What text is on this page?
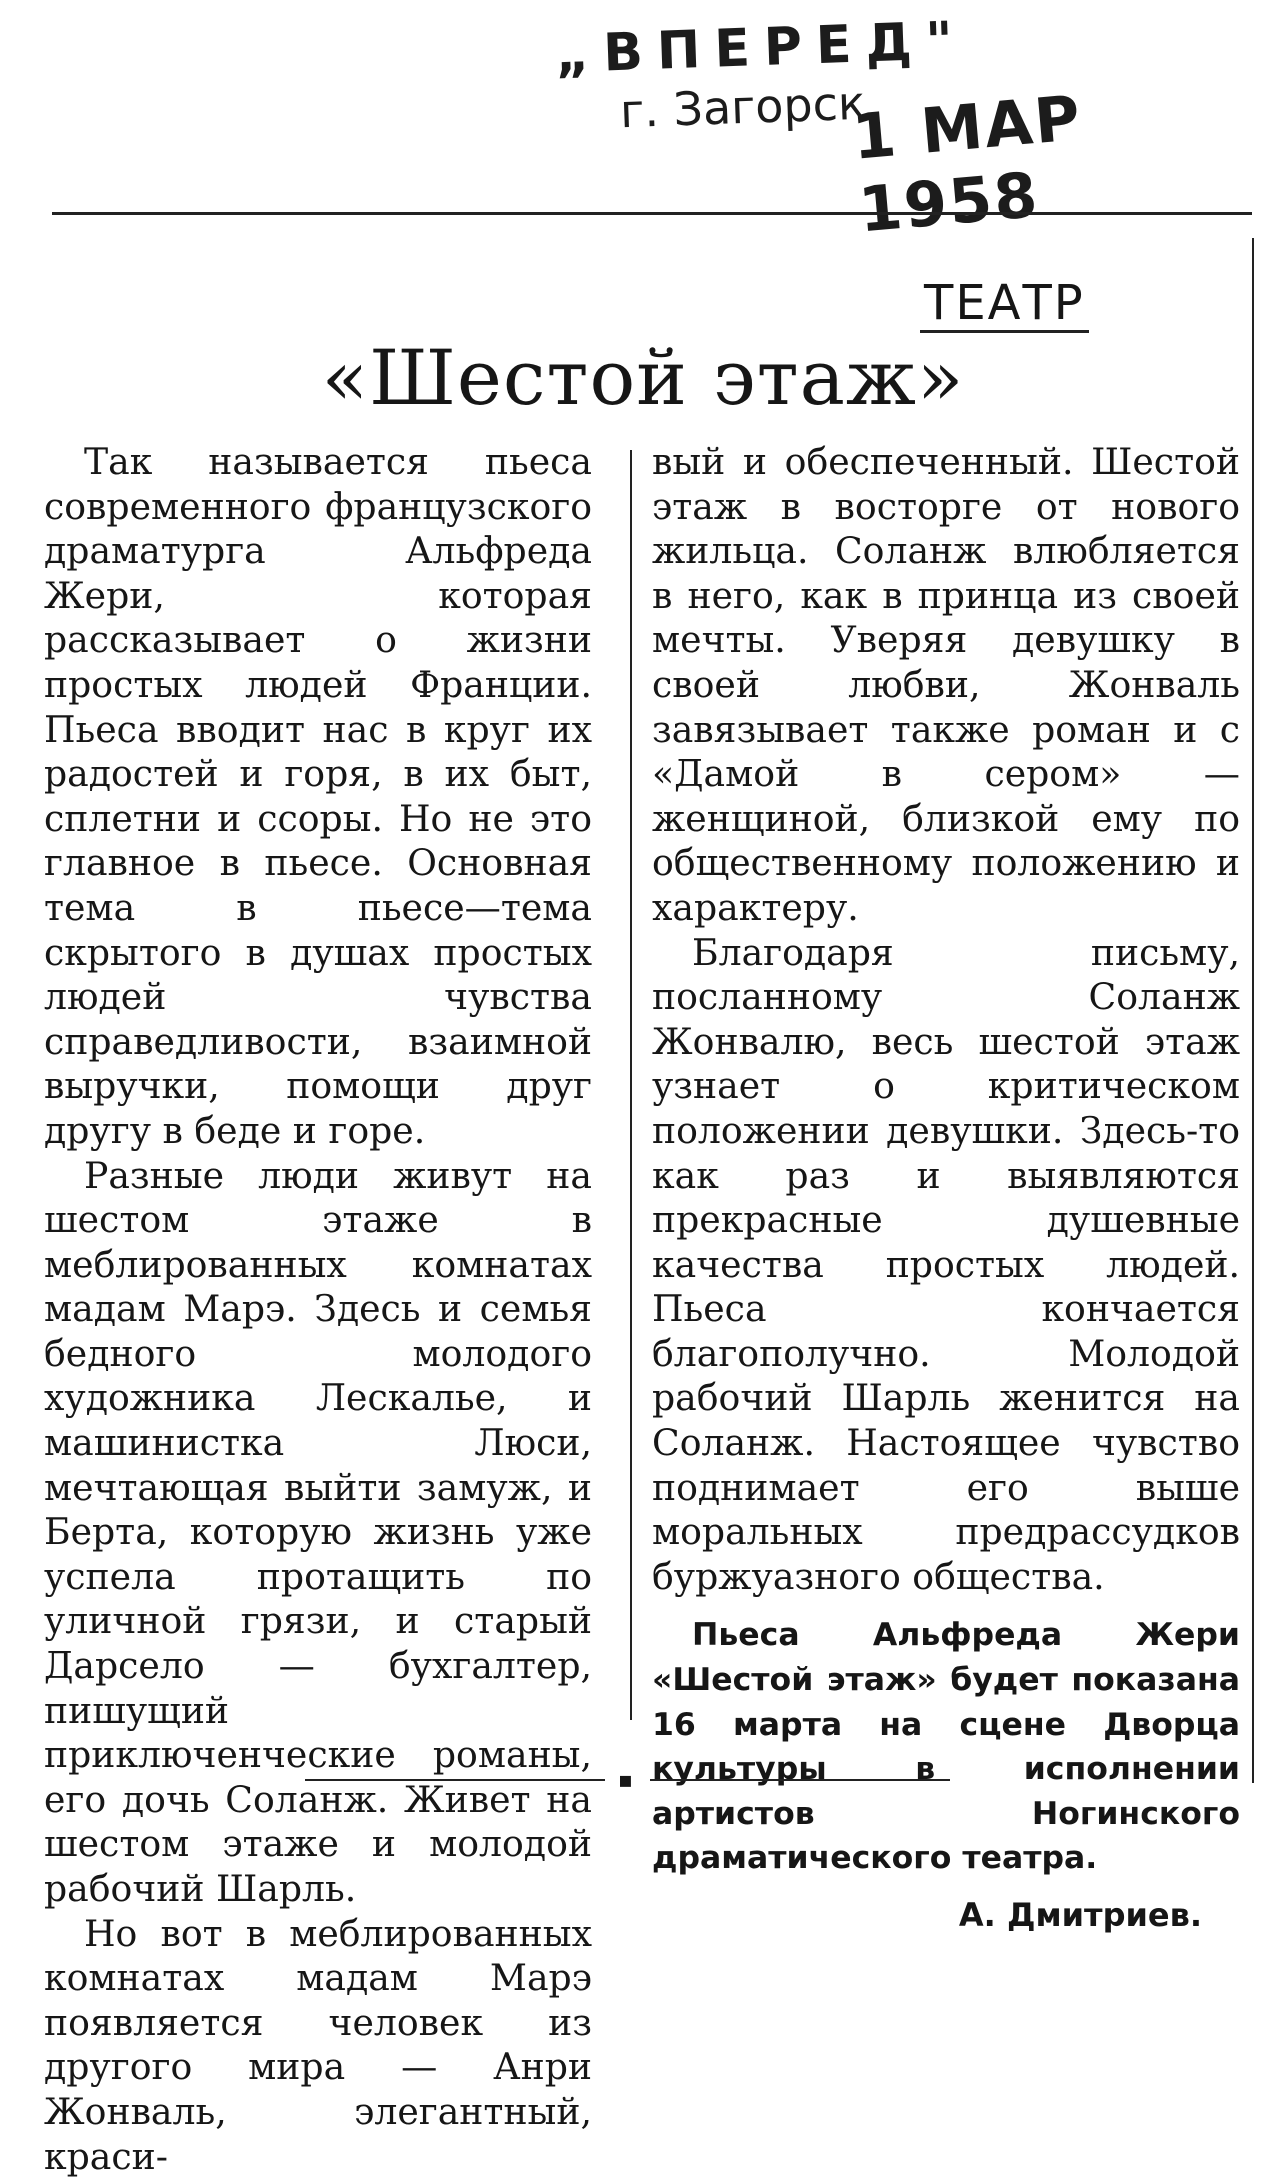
„ВПЕРЕД"
г. Загорск
1 МАР 1958
ТЕАТР
«Шестой этаж»

Так называется пьеса современного французского драматурга Альфреда Жери, которая рассказывает о жизни простых людей Франции. Пьеса вводит нас в круг их радостей и горя, в их быт, сплетни и ссоры. Но не это главное в пьесе. Основная тема в пьесе—тема скрытого в душах простых людей чувства справедливости, взаимной выручки, помощи друг другу в беде и горе.

Разные люди живут на шестом этаже в меблированных комнатах мадам Марэ. Здесь и семья бедного молодого художника Лескалье, и машинистка Люси, мечтающая выйти замуж, и Берта, которую жизнь уже успела протащить по уличной грязи, и старый Дарсело — бухгалтер, пишущий приключенческие романы, его дочь Соланж. Живет на шестом этаже и молодой рабочий Шарль.

Но вот в меблированных комнатах мадам Марэ появляется человек из другого мира — Анри Жонваль, элегантный, краси-

вый и обеспеченный. Шестой этаж в восторге от нового жильца. Соланж влюбляется в него, как в принца из своей мечты. Уверяя девушку в своей любви, Жонваль завязывает также роман и с «Дамой в сером» — женщиной, близкой ему по общественному положению и характеру.

Благодаря письму, посланному Соланж Жонвалю, весь шестой этаж узнает о критическом положении девушки. Здесь-то как раз и выявляются прекрасные душевные качества простых людей. Пьеса кончается благополучно. Молодой рабочий Шарль женится на Соланж. Настоящее чувство поднимает его выше моральных предрассудков буржуазного общества.

Пьеса Альфреда Жери «Шестой этаж» будет показана 16 марта на сцене Дворца культуры в исполнении артистов Ногинского драматического театра.

А. Дмитриев.

▪
